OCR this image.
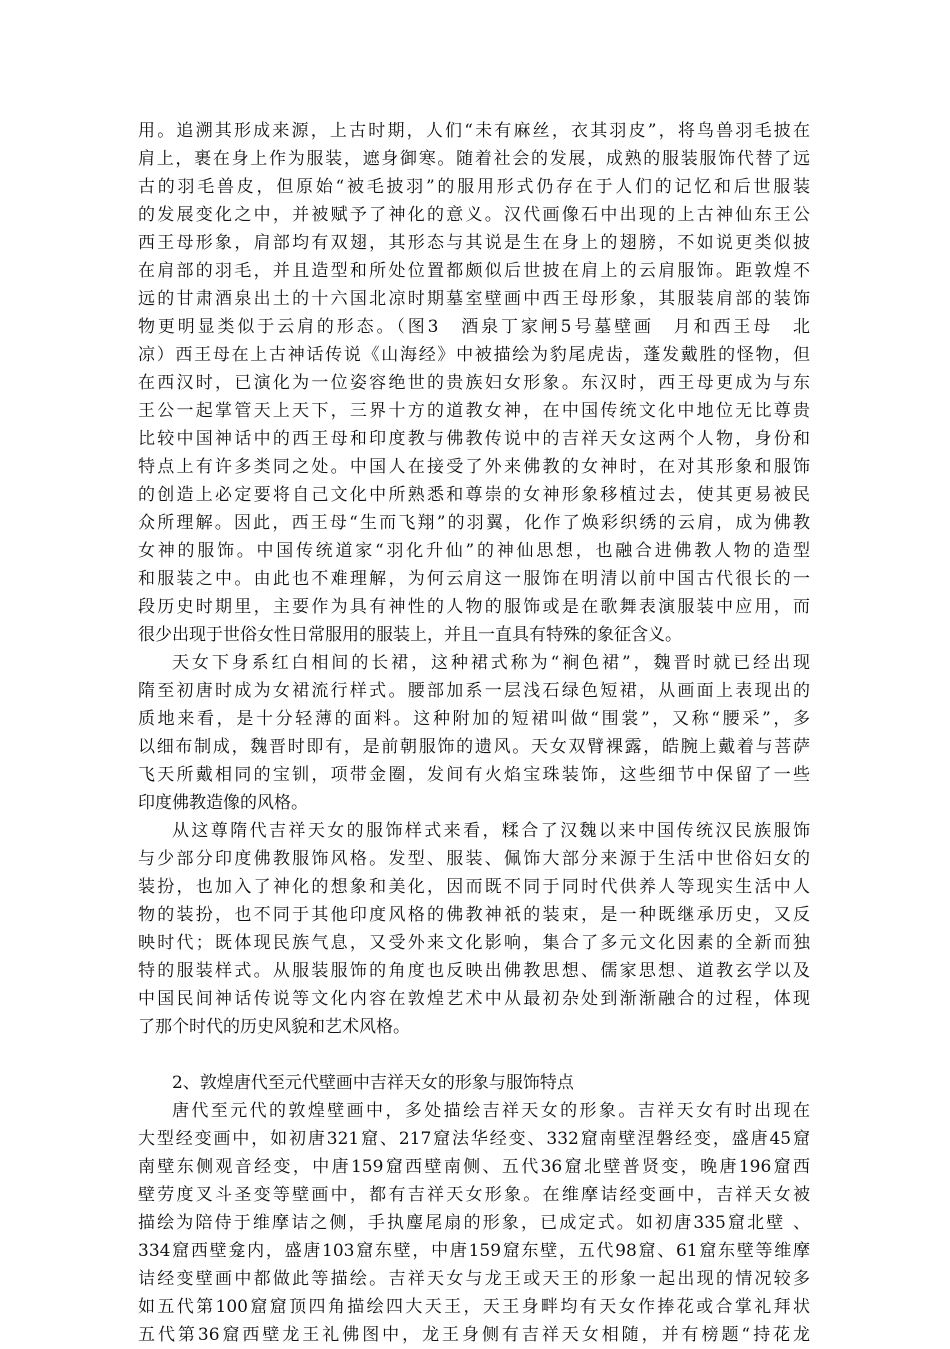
用。追溯其形成来源，上古时期，人们“未有麻丝，衣其羽皮”，将鸟兽羽毛披在
肩上，裹在身上作为服装，遮身御寒。随着社会的发展，成熟的服装服饰代替了远
古的羽毛兽皮，但原始“被毛披羽”的服用形式仍存在于人们的记忆和后世服装
的发展变化之中，并被赋予了神化的意义。汉代画像石中出现的上古神仙东王公
西王母形象，肩部均有双翅，其形态与其说是生在身上的翅膀，不如说更类似披
在肩部的羽毛，并且造型和所处位置都颇似后世披在肩上的云肩服饰。距敦煌不
远的甘肃酒泉出土的十六国北凉时期墓室壁画中西王母形象，其服装肩部的装饰
物更明显类似于云肩的形态。（图3　酒泉丁家闸5号墓壁画　月和西王母　北
凉）西王母在上古神话传说《山海经》中被描绘为豹尾虎齿，蓬发戴胜的怪物，但
在西汉时，已演化为一位姿容绝世的贵族妇女形象。东汉时，西王母更成为与东
王公一起掌管天上天下，三界十方的道教女神，在中国传统文化中地位无比尊贵
比较中国神话中的西王母和印度教与佛教传说中的吉祥天女这两个人物，身份和
特点上有许多类同之处。中国人在接受了外来佛教的女神时，在对其形象和服饰
的创造上必定要将自己文化中所熟悉和尊崇的女神形象移植过去，使其更易被民
众所理解。因此，西王母“生而飞翔”的羽翼，化作了焕彩织绣的云肩，成为佛教
女神的服饰。中国传统道家“羽化升仙”的神仙思想，也融合进佛教人物的造型
和服装之中。由此也不难理解，为何云肩这一服饰在明清以前中国古代很长的一
段历史时期里，主要作为具有神性的人物的服饰或是在歌舞表演服装中应用，而
很少出现于世俗女性日常服用的服装上，并且一直具有特殊的象征含义。
天女下身系红白相间的长裙，这种裙式称为“裥色裙”，魏晋时就已经出现
隋至初唐时成为女裙流行样式。腰部加系一层浅石绿色短裙，从画面上表现出的
质地来看，是十分轻薄的面料。这种附加的短裙叫做“围裳”，又称“腰采”，多
以细布制成，魏晋时即有，是前朝服饰的遗风。天女双臂裸露，皓腕上戴着与菩萨
飞天所戴相同的宝钏，项带金圈，发间有火焰宝珠装饰，这些细节中保留了一些
印度佛教造像的风格。
从这尊隋代吉祥天女的服饰样式来看，糅合了汉魏以来中国传统汉民族服饰
与少部分印度佛教服饰风格。发型、服装、佩饰大部分来源于生活中世俗妇女的
装扮，也加入了神化的想象和美化，因而既不同于同时代供养人等现实生活中人
物的装扮，也不同于其他印度风格的佛教神祇的装束，是一种既继承历史，又反
映时代；既体现民族气息，又受外来文化影响，集合了多元文化因素的全新而独
特的服装样式。从服装服饰的角度也反映出佛教思想、儒家思想、道教玄学以及
中国民间神话传说等文化内容在敦煌艺术中从最初杂处到渐渐融合的过程，体现
了那个时代的历史风貌和艺术风格。
2、敦煌唐代至元代壁画中吉祥天女的形象与服饰特点
唐代至元代的敦煌壁画中，多处描绘吉祥天女的形象。吉祥天女有时出现在
大型经变画中，如初唐321窟、217窟法华经变、332窟南壁涅磐经变，盛唐45窟
南壁东侧观音经变，中唐159窟西壁南侧、五代36窟北壁普贤变，晚唐196窟西
壁劳度叉斗圣变等壁画中，都有吉祥天女形象。在维摩诘经变画中，吉祥天女被
描绘为陪侍于维摩诘之侧，手执麈尾扇的形象，已成定式。如初唐335窟北壁 、
334窟西壁龛内，盛唐103窟东壁，中唐159窟东壁，五代98窟、61窟东壁等维摩
诘经变壁画中都做此等描绘。吉祥天女与龙王或天王的形象一起出现的情况较多
如五代第100窟窟顶四角描绘四大天王，天王身畔均有天女作捧花或合掌礼拜状
五代第36窟西壁龙王礼佛图中，龙王身侧有吉祥天女相随，并有榜题“持花龙
